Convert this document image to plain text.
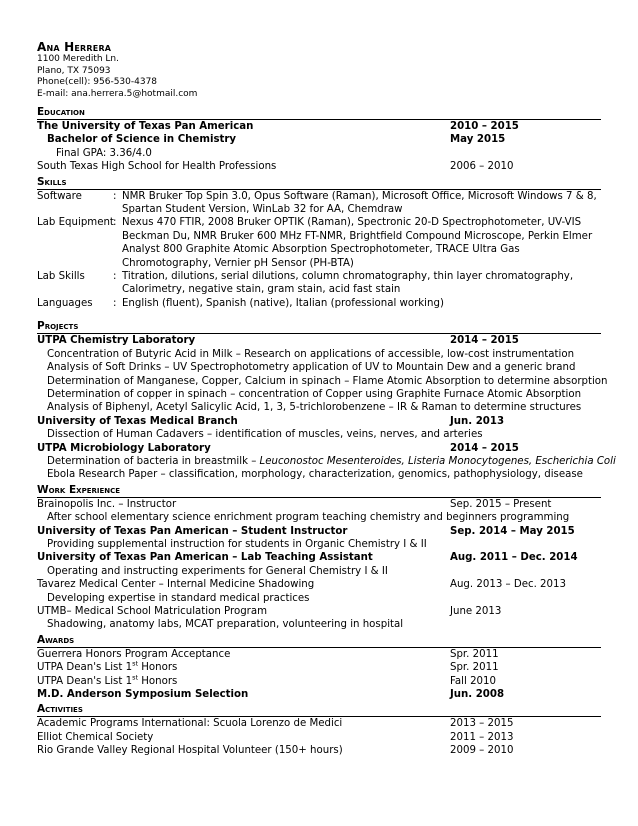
Ana Herrera
1100 Meredith Ln.
Plano, TX 75093
Phone(cell): 956-530-4378
E-mail: ana.herrera.5@hotmail.com
Education
The University of Texas Pan American	2010 – 2015
Bachelor of Science in Chemistry	May 2015
Final GPA: 3.36/4.0
South Texas High School for Health Professions	2006 – 2010
Skills
Software	: NMR Bruker Top Spin 3.0, Opus Software (Raman), Microsoft Office, Microsoft Windows 7 & 8, Spartan Student Version, WinLab 32 for AA, Chemdraw
Lab Equipment : Nexus 470 FTIR, 2008 Bruker OPTIK (Raman), Spectronic 20-D Spectrophotometer, UV-VIS Beckman Du, NMR Bruker 600 MHz FT-NMR, Brightfield Compound Microscope, Perkin Elmer Analyst 800 Graphite Atomic Absorption Spectrophotometer, TRACE Ultra Gas Chromotography, Vernier pH Sensor (PH-BTA)
Lab Skills	: Titration, dilutions, serial dilutions, column chromatography, thin layer chromatography, Calorimetry, negative stain, gram stain, acid fast stain
Languages	: English (fluent), Spanish (native), Italian (professional working)
Projects
UTPA Chemistry Laboratory	2014 – 2015
Concentration of Butyric Acid in Milk – Research on applications of accessible, low-cost instrumentation
Analysis of Soft Drinks – UV Spectrophotometry application of UV to Mountain Dew and a generic brand
Determination of Manganese, Copper, Calcium in spinach – Flame Atomic Absorption to determine absorption
Determination of copper in spinach – concentration of Copper using Graphite Furnace Atomic Absorption
Analysis of Biphenyl, Acetyl Salicylic Acid, 1, 3, 5-trichlorobenzene – IR & Raman to determine structures
University of Texas Medical Branch	Jun. 2013
Dissection of Human Cadavers – identification of muscles, veins, nerves, and arteries
UTPA Microbiology Laboratory	2014 – 2015
Determination of bacteria in breastmilk – Leuconostoc Mesenteroides, Listeria Monocytogenes, Escherichia Coli
Ebola Research Paper – classification, morphology, characterization, genomics, pathophysiology, disease
Work Experience
Brainopolis Inc. – Instructor	Sep. 2015 – Present
After school elementary science enrichment program teaching chemistry and beginners programming
University of Texas Pan American – Student Instructor	Sep. 2014 – May 2015
Providing supplemental instruction for students in Organic Chemistry I & II
University of Texas Pan American – Lab Teaching Assistant	Aug. 2011 – Dec. 2014
Operating and instructing experiments for General Chemistry I & II
Tavarez Medical Center – Internal Medicine Shadowing	Aug. 2013 – Dec. 2013
Developing expertise in standard medical practices
UTMB– Medical School Matriculation Program	June 2013
Shadowing, anatomy labs, MCAT preparation, volunteering in hospital
Awards
Guerrera Honors Program Acceptance	Spr. 2011
UTPA Dean's List 1st Honors	Spr. 2011
UTPA Dean's List 1st Honors	Fall 2010
M.D. Anderson Symposium Selection	Jun. 2008
Activities
Academic Programs International: Scuola Lorenzo de Medici	2013 – 2015
Elliot Chemical Society	2011 – 2013
Rio Grande Valley Regional Hospital Volunteer (150+ hours)	2009 – 2010
